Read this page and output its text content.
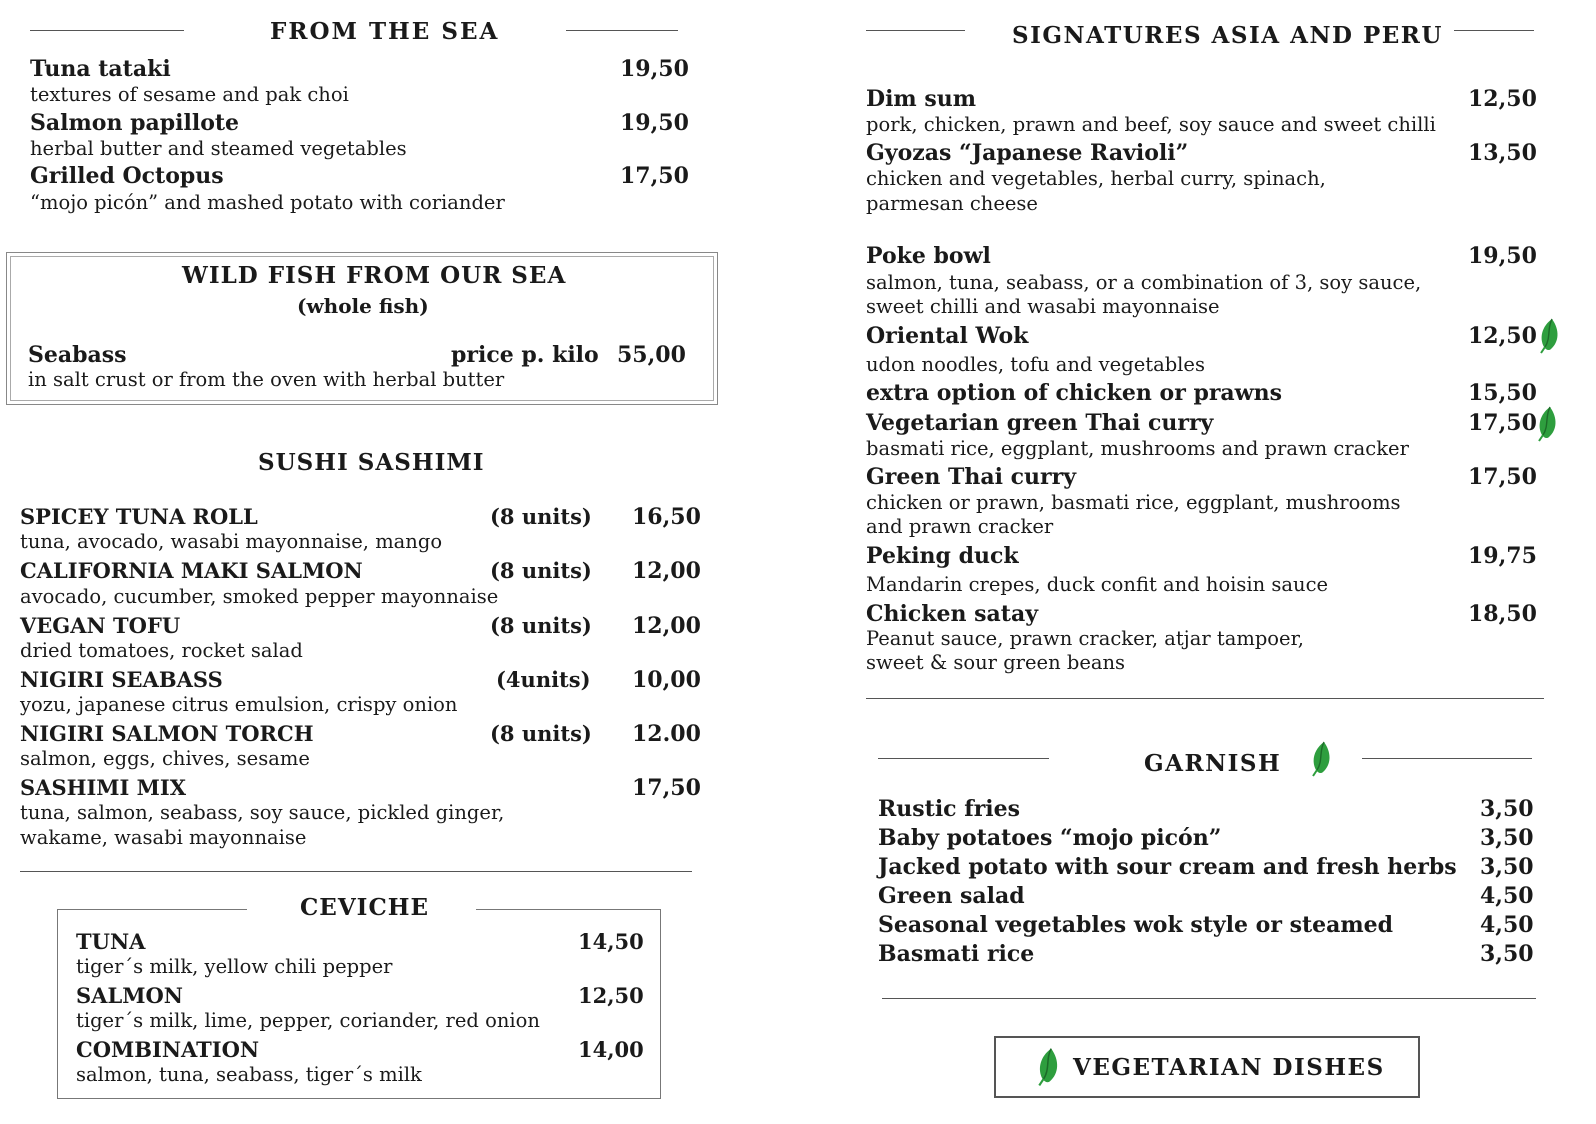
FROM THE SEA
Tuna tataki	19,50
textures of sesame and pak choi
Salmon papillote	19,50
herbal butter and steamed vegetables
Grilled Octopus	17,50
“mojo picón” and mashed potato with coriander
WILD FISH FROM OUR SEA
(whole fish)
Seabass	price p. kilo 55,00
in salt crust or from the oven with herbal butter
SUSHI SASHIMI
SPICEY TUNA ROLL	(8 units) 16,50
tuna, avocado, wasabi mayonnaise, mango
CALIFORNIA MAKI SALMON	(8 units) 12,00
avocado, cucumber, smoked pepper mayonnaise
VEGAN TOFU	(8 units) 12,00
dried tomatoes, rocket salad
NIGIRI SEABASS	(4units) 10,00
yozu, japanese citrus emulsion, crispy onion
NIGIRI SALMON TORCH	(8 units) 12.00
salmon, eggs, chives, sesame
SASHIMI MIX	17,50
tuna, salmon, seabass, soy sauce, pickled ginger,
wakame, wasabi mayonnaise
CEVICHE
TUNA	14,50
tiger´s milk, yellow chili pepper
SALMON	12,50
tiger´s milk, lime, pepper, coriander, red onion
COMBINATION	14,00
salmon, tuna, seabass, tiger´s milk
SIGNATURES ASIA AND PERU
Dim sum	12,50
pork, chicken, prawn and beef, soy sauce and sweet chilli
Gyozas “Japanese Ravioli”	13,50
chicken and vegetables, herbal curry, spinach,
parmesan cheese
Poke bowl	19,50
salmon, tuna, seabass, or a combination of 3, soy sauce,
sweet chilli and wasabi mayonnaise
Oriental Wok	12,50
udon noodles, tofu and vegetables
extra option of chicken or prawns	15,50
Vegetarian green Thai curry	17,50
basmati rice, eggplant, mushrooms and prawn cracker
Green Thai curry	17,50
chicken or prawn, basmati rice, eggplant, mushrooms
and prawn cracker
Peking duck	19,75
Mandarin crepes, duck confit and hoisin sauce
Chicken satay	18,50
Peanut sauce, prawn cracker, atjar tampoer,
sweet & sour green beans
GARNISH
Rustic fries	3,50
Baby potatoes “mojo picón”	3,50
Jacked potato with sour cream and fresh herbs 3,50
Green salad	4,50
Seasonal vegetables wok style or steamed	4,50
Basmati rice	3,50
VEGETARIAN DISHES
